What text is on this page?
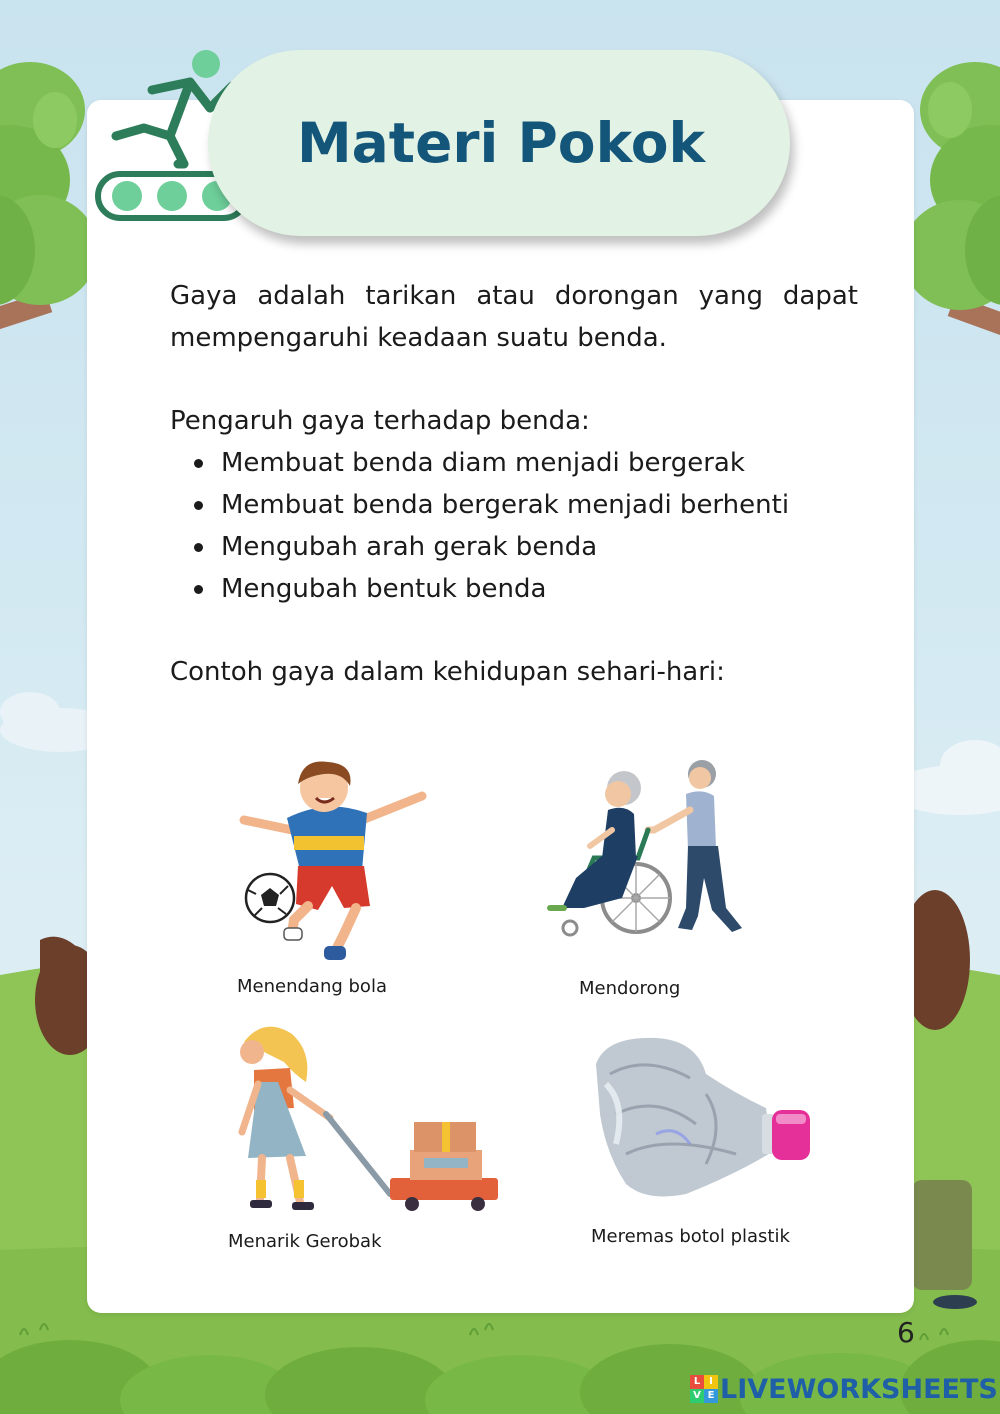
Materi Pokok
Gaya adalah tarikan atau dorongan yang dapat mempengaruhi keadaan suatu benda.
Pengaruh gaya terhadap benda:
Membuat benda diam menjadi bergerak
Membuat benda bergerak menjadi berhenti
Mengubah arah gerak benda
Mengubah bentuk benda
Contoh gaya dalam kehidupan sehari-hari:
Menendang bola	Mendorong
Menarik Gerobak	Meremas botol plastik
6
L I
V E LIVEWORKSHEETS
